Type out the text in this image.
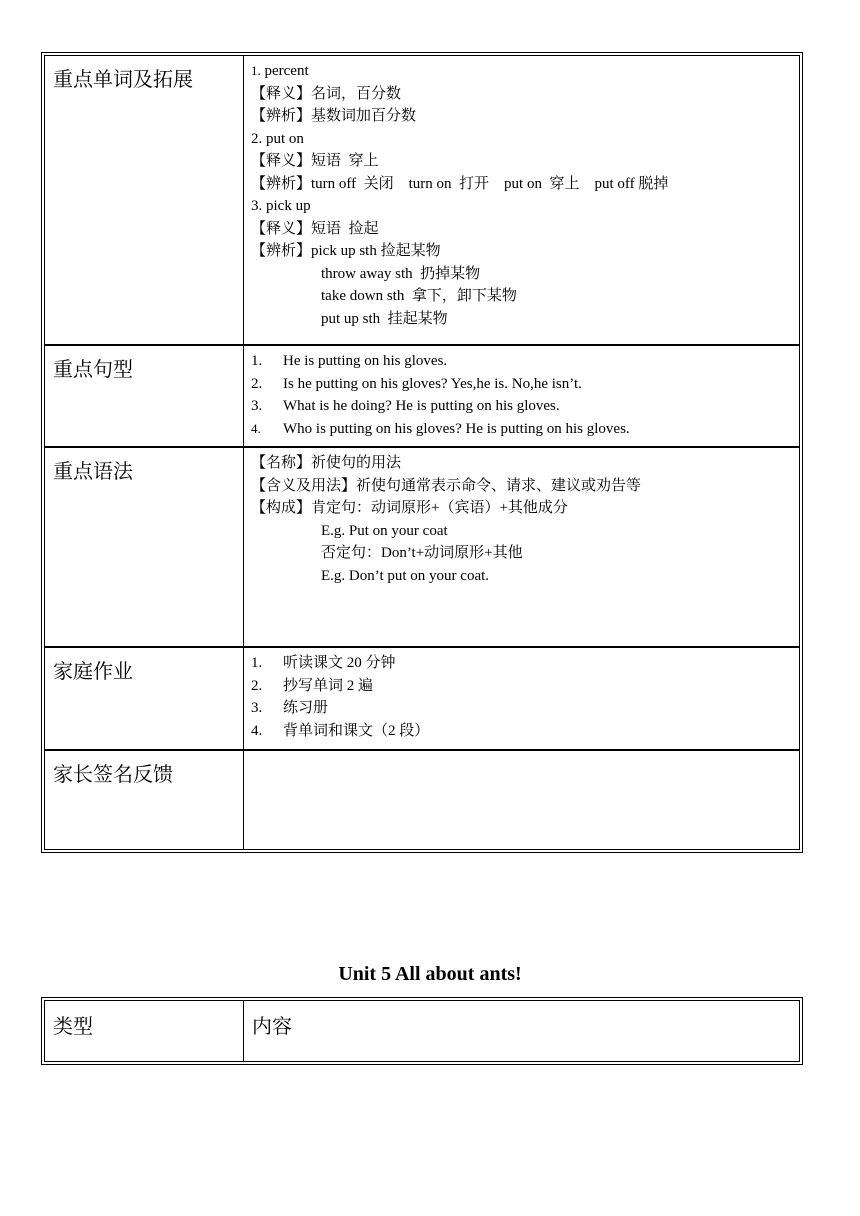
重点单词及拓展	1. percent
【释义】名词，百分数
【辨析】基数词加百分数
2. put on
【释义】短语  穿上
【辨析】turn off  关闭    turn on  打开    put on  穿上    put off 脱掉
3. pick up
【释义】短语  捡起
【辨析】pick up sth 捡起某物
throw away sth  扔掉某物
take down sth  拿下，卸下某物
put up sth  挂起某物
重点句型	1. He is putting on his gloves.
2. Is he putting on his gloves? Yes,he is. No,he isn’t.
3. What is he doing? He is putting on his gloves.
4. Who is putting on his gloves? He is putting on his gloves.
重点语法	【名称】祈使句的用法
【含义及用法】祈使句通常表示命令、请求、建议或劝告等
【构成】肯定句：动词原形+（宾语）+其他成分
E.g. Put on your coat
否定句：Don’t+动词原形+其他
E.g. Don’t put on your coat.
家庭作业	1. 听读课文 20 分钟
2. 抄写单词 2 遍
3. 练习册
4. 背单词和课文（2 段）
家长签名反馈
Unit 5 All about ants!
类型	内容
